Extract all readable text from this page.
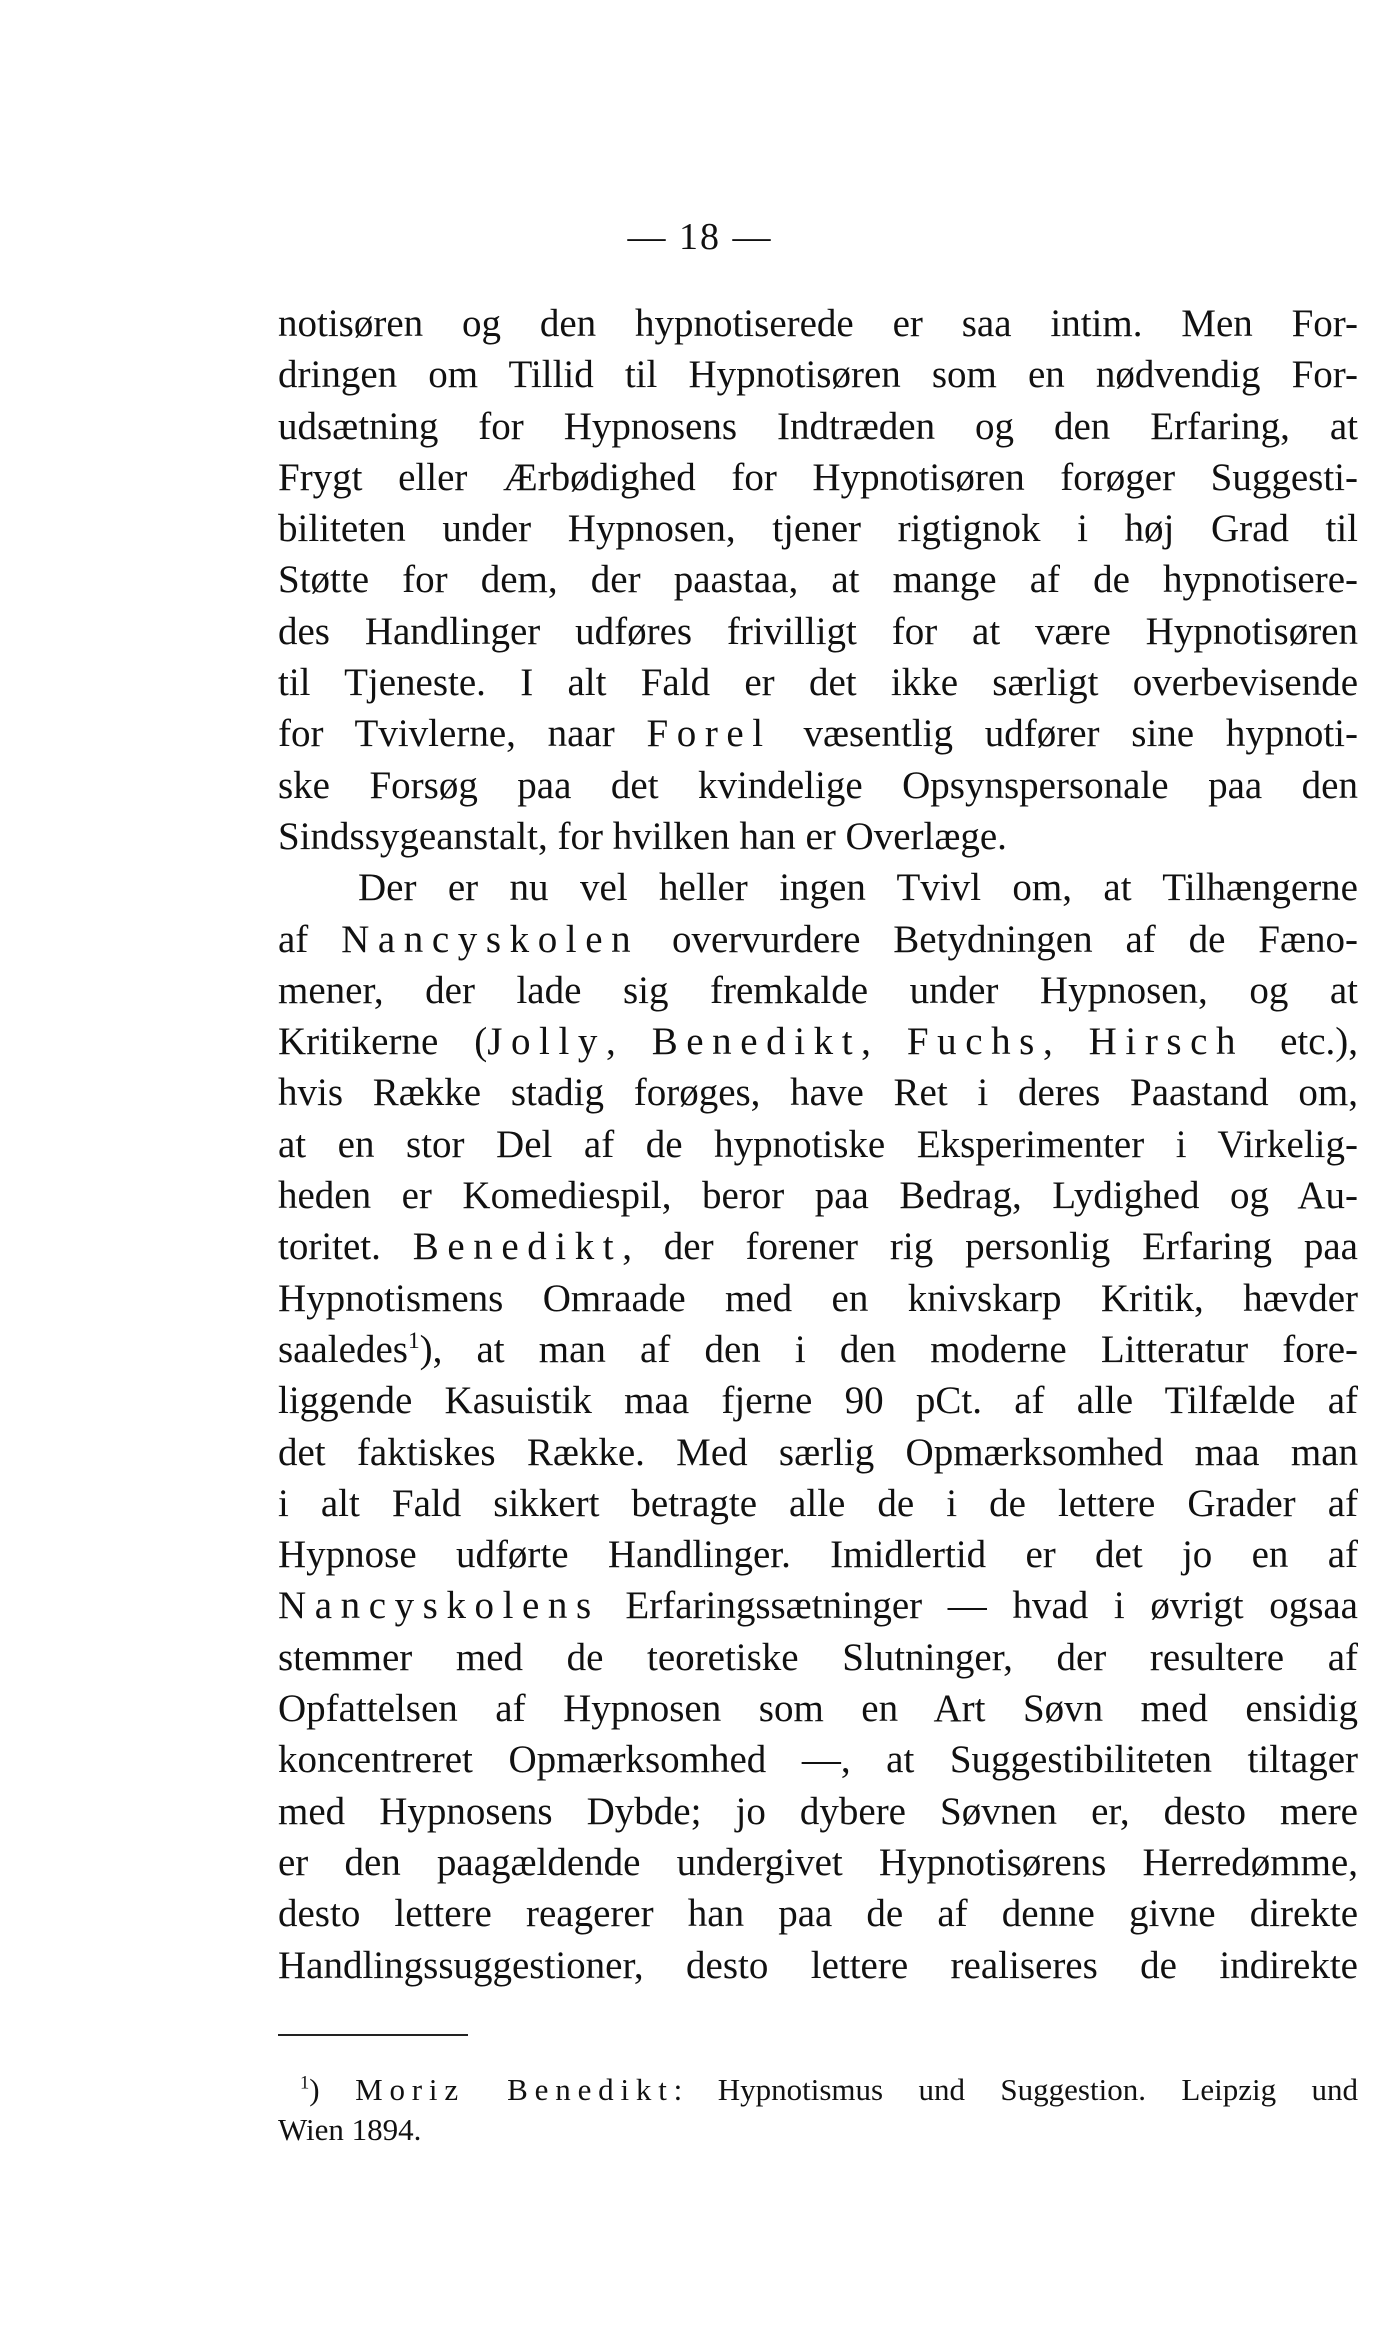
— 18 —
notisøren og den hypnotiserede er saa intim. Men For-
dringen om Tillid til Hypnotisøren som en nødvendig For-
udsætning for Hypnosens Indtræden og den Erfaring, at
Frygt eller Ærbødighed for Hypnotisøren forøger Suggesti-
biliteten under Hypnosen, tjener rigtignok i høj Grad til
Støtte for dem, der paastaa, at mange af de hypnotisere-
des Handlinger udføres frivilligt for at være Hypnotisøren
til Tjeneste. I alt Fald er det ikke særligt overbevisende
for Tvivlerne, naar Forel væsentlig udfører sine hypnoti-
ske Forsøg paa det kvindelige Opsynspersonale paa den
Sindssygeanstalt, for hvilken han er Overlæge.
Der er nu vel heller ingen Tvivl om, at Tilhængerne
af Nancyskolen overvurdere Betydningen af de Fæno-
mener, der lade sig fremkalde under Hypnosen, og at
Kritikerne (Jolly, Benedikt, Fuchs, Hirsch etc.),
hvis Række stadig forøges, have Ret i deres Paastand om,
at en stor Del af de hypnotiske Eksperimenter i Virkelig-
heden er Komediespil, beror paa Bedrag, Lydighed og Au-
toritet. Benedikt, der forener rig personlig Erfaring paa
Hypnotismens Omraade med en knivskarp Kritik, hævder
saaledes$^1$), at man af den i den moderne Litteratur fore-
liggende Kasuistik maa fjerne 90 pCt. af alle Tilfælde af
det faktiskes Række. Med særlig Opmærksomhed maa man
i alt Fald sikkert betragte alle de i de lettere Grader af
Hypnose udførte Handlinger. Imidlertid er det jo en af
Nancyskolens Erfaringssætninger — hvad i øvrigt ogsaa
stemmer med de teoretiske Slutninger, der resultere af
Opfattelsen af Hypnosen som en Art Søvn med ensidig
koncentreret Opmærksomhed —, at Suggestibiliteten tiltager
med Hypnosens Dybde; jo dybere Søvnen er, desto mere
er den paagældende undergivet Hypnotisørens Herredømme,
desto lettere reagerer han paa de af denne givne direkte
Handlingssuggestioner, desto lettere realiseres de indirekte
$^1$) Moriz Benedikt: Hypnotismus und Suggestion. Leipzig und
Wien 1894.
